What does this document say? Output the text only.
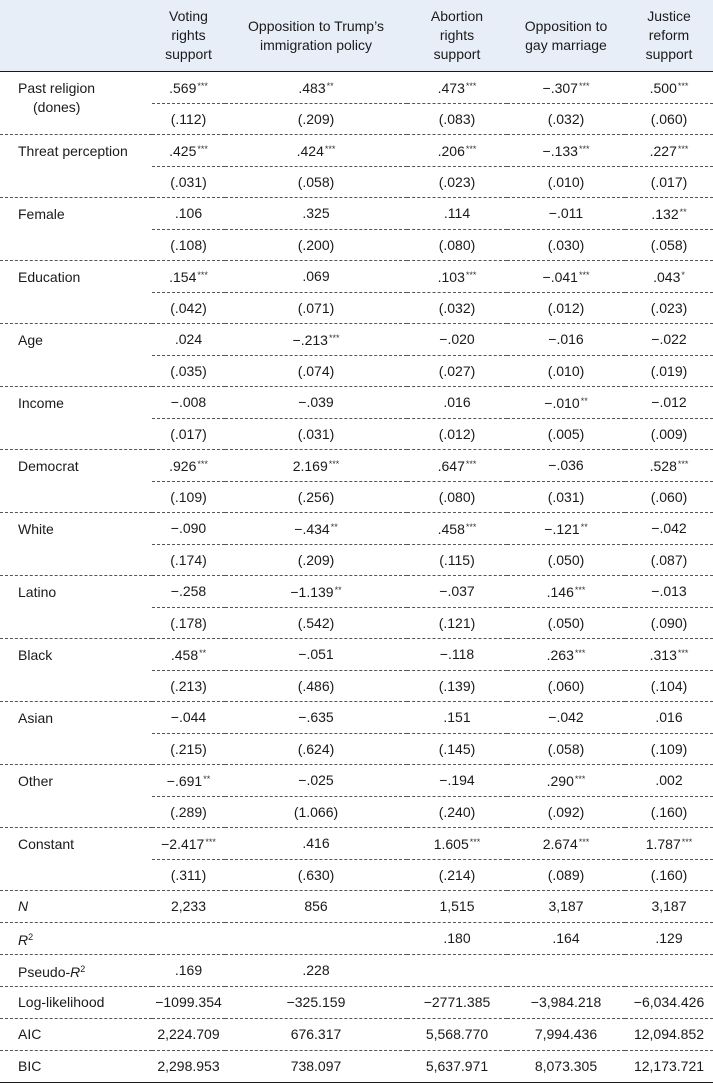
	Voting
rights
support	Opposition to Trump’s
immigration policy	Abortion
rights
support	Opposition to
gay marriage	Justice
reform
support
Past religion
(dones)	.569***	.483**	.473***	−.307***	.500***
	(.112)	(.209)	(.083)	(.032)	(.060)
Threat perception	.425***	.424***	.206***	−.133***	.227***
	(.031)	(.058)	(.023)	(.010)	(.017)
Female	.106	.325	.114	−.011	.132**
	(.108)	(.200)	(.080)	(.030)	(.058)
Education	.154***	.069	.103***	−.041***	.043*
	(.042)	(.071)	(.032)	(.012)	(.023)
Age	.024	−.213***	−.020	−.016	−.022
	(.035)	(.074)	(.027)	(.010)	(.019)
Income	−.008	−.039	.016	−.010**	−.012
	(.017)	(.031)	(.012)	(.005)	(.009)
Democrat	.926***	2.169***	.647***	−.036	.528***
	(.109)	(.256)	(.080)	(.031)	(.060)
White	−.090	−.434**	.458***	−.121**	−.042
	(.174)	(.209)	(.115)	(.050)	(.087)
Latino	−.258	−1.139**	−.037	.146***	−.013
	(.178)	(.542)	(.121)	(.050)	(.090)
Black	.458**	−.051	−.118	.263***	.313***
	(.213)	(.486)	(.139)	(.060)	(.104)
Asian	−.044	−.635	.151	−.042	.016
	(.215)	(.624)	(.145)	(.058)	(.109)
Other	−.691**	−.025	−.194	.290***	.002
	(.289)	(1.066)	(.240)	(.092)	(.160)
Constant	−2.417***	.416	1.605***	2.674***	1.787***
	(.311)	(.630)	(.214)	(.089)	(.160)
N	2,233	856	1,515	3,187	3,187
$R^2$			.180	.164	.129
Pseudo-$R^2$	.169	.228			
Log-likelihood	−1099.354	−325.159	−2771.385	−3,984.218	−6,034.426
AIC	2,224.709	676.317	5,568.770	7,994.436	12,094.852
BIC	2,298.953	738.097	5,637.971	8,073.305	12,173.721
